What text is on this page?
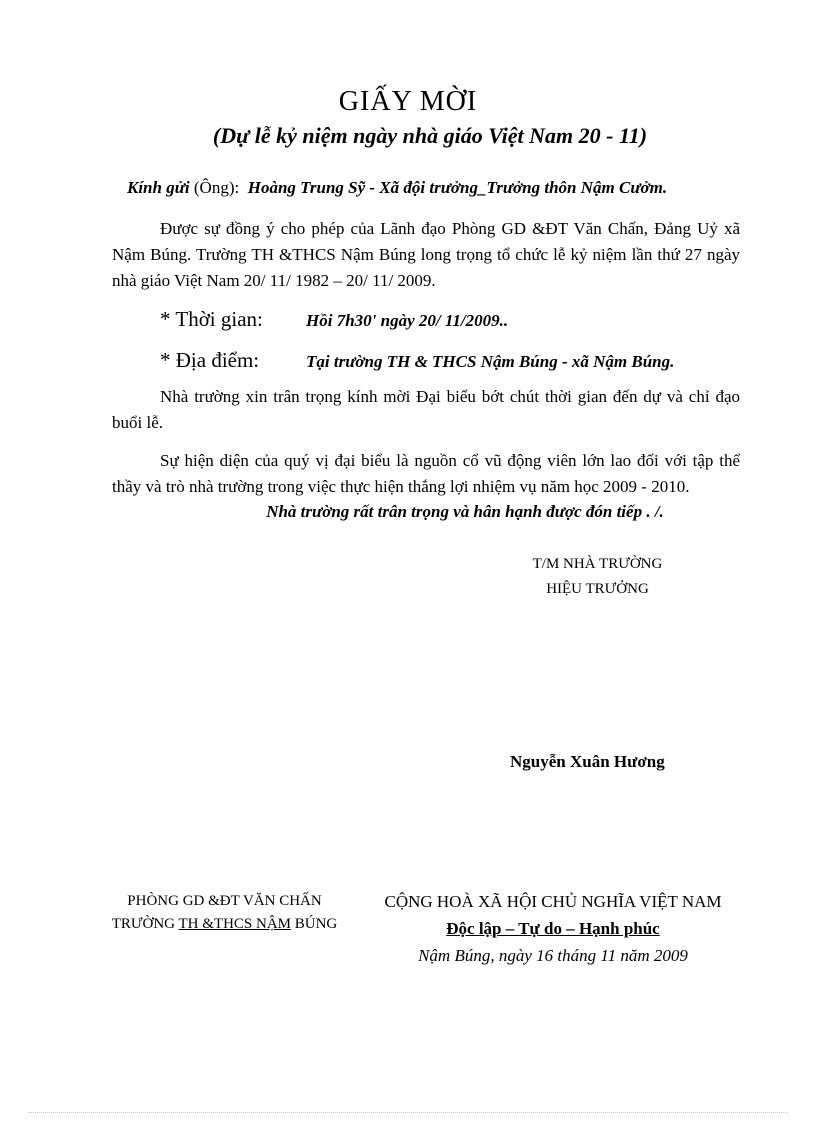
GIẤY MỜI
(Dự lễ kỷ niệm ngày nhà giáo Việt Nam 20 - 11)
Kính gửi (Ông): Hoàng Trung Sỹ - Xã đội trưởng_Trưởng thôn Nậm Cưởm.
Được sự đồng ý cho phép của Lãnh đạo Phòng GD &ĐT Văn Chấn, Đảng Uỷ xã Nậm Búng. Trường TH &THCS Nậm Búng long trọng tổ chức lễ kỷ niệm lần thứ 27 ngày nhà giáo Việt Nam 20/ 11/ 1982 – 20/ 11/ 2009.
* Thời gian:	Hồi 7h30' ngày 20/ 11/2009..
* Địa điểm:	Tại trường TH & THCS Nậm Búng - xã Nậm Búng.
Nhà trường xin trân trọng kính mời Đại biểu bớt chút thời gian đến dự và chỉ đạo buổi lễ.
Sự hiện diện của quý vị đại biểu là nguồn cổ vũ động viên lớn lao đối với tập thể thầy và trò nhà trường trong việc thực hiện thắng lợi nhiệm vụ năm học 2009 - 2010.
Nhà trường rất trân trọng và hân hạnh được đón tiếp . /.
T/M NHÀ TRƯỜNG
HIỆU TRƯỞNG
Nguyễn Xuân Hương
PHÒNG GD &ĐT VĂN CHẤN
TRƯỜNG TH &THCS NẬM BÚNG
CỘNG HOÀ XÃ HỘI CHỦ NGHĨA VIỆT NAM
Độc lập – Tự do – Hạnh phúc
Nậm Búng, ngày 16 tháng 11 năm 2009
